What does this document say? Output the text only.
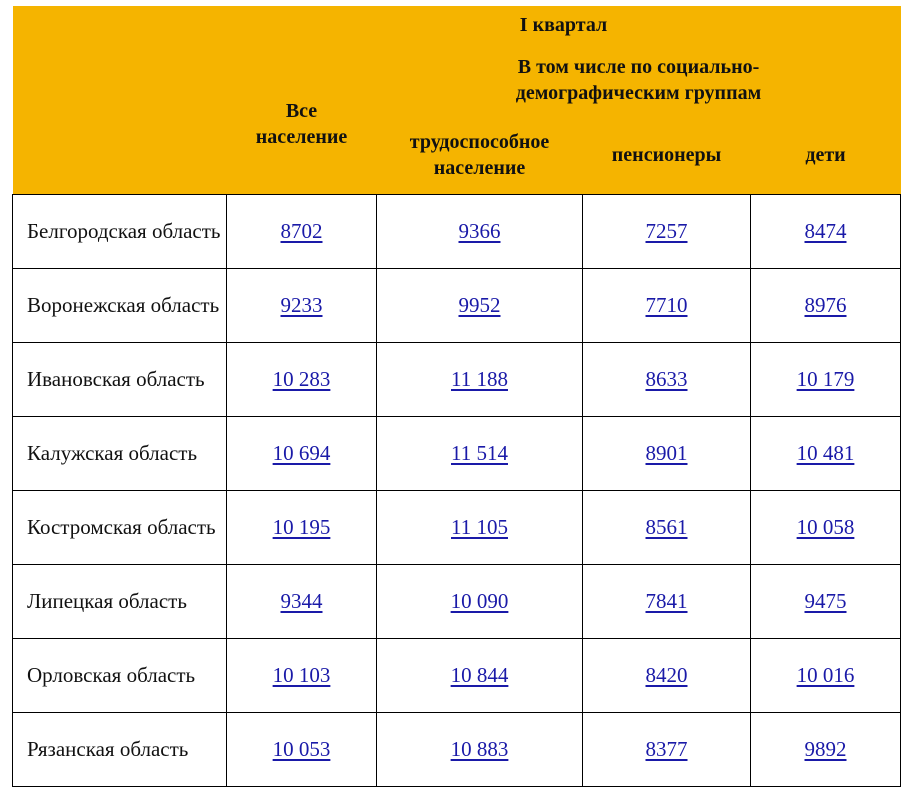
		I квартал		
	Все население	В том числе по социально-демографическим группам		
		трудоспособное население	пенсионеры	дети
Белгородская область	8702	9366	7257	8474
Воронежская область	9233	9952	7710	8976
Ивановская область	10 283	11 188	8633	10 179
Калужская область	10 694	11 514	8901	10 481
Костромская область	10 195	11 105	8561	10 058
Липецкая область	9344	10 090	7841	9475
Орловская область	10 103	10 844	8420	10 016
Рязанская область	10 053	10 883	8377	9892
